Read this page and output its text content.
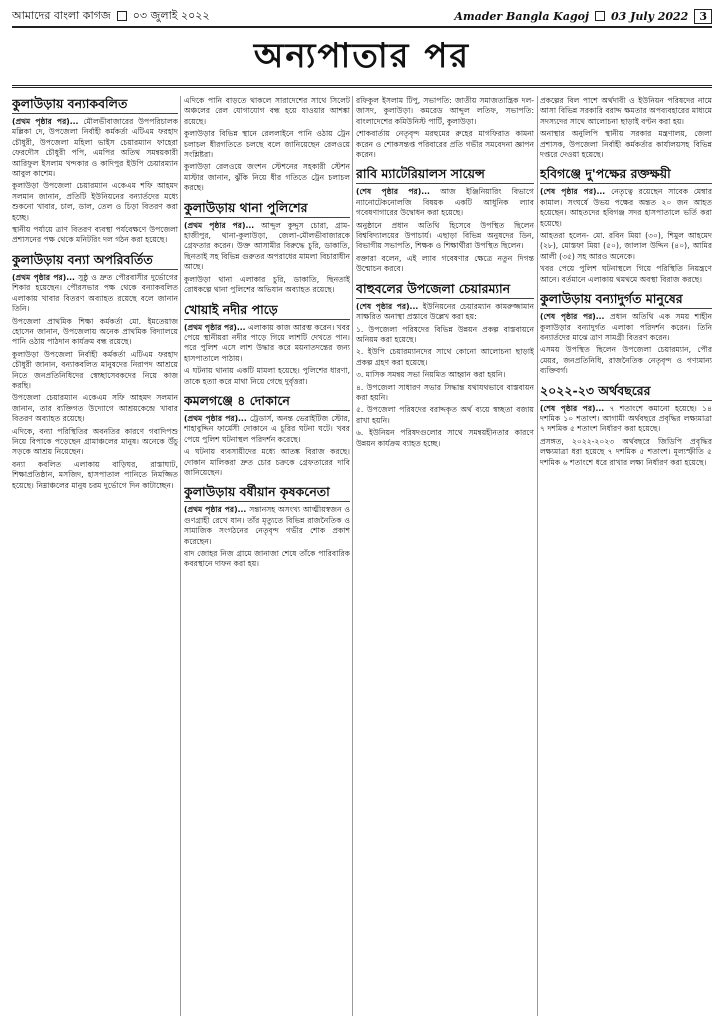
আমাদের বাংলা কাগজ ০৩ জুলাই ২০২২	Amader Bangla Kagoj 03 July 2022	3
অন্যপাতার পর
কুলাউড়ায় বন্যাকবলিত
(প্রথম পৃষ্ঠার পর)... মৌলভীবাজারের উপপরিচালক মল্লিকা দে, উপজেলা নির্বাহী কর্মকর্তা এটিএম ফরহাদ চৌধুরী, উপজেলা মহিলা ভাইস চেয়ারম্যান ফাহেরা ফেরদৌস চৌধুরী পপি, এমপির অতিথ সমন্বয়কারী আরিফুল ইসলাম খন্দকার ও কাদিপুর ইউপি চেয়ারম্যান আবুল কাশেম।
কুলাউড়া উপজেলা চেয়ারম্যান একেএম শফি আহমদ সলমান জানান, প্রতিটি ইউনিয়নের বন্যার্তদের মধ্যে শুকনো খাবার, চাল, ডাল, তেল ও চিড়া বিতরণ করা হচ্ছে।
স্থানীয় পর্যায়ে ত্রাণ বিতরণ ব্যবস্থা পর্যবেক্ষণে উপজেলা প্রশাসনের পক্ষ থেকে মনিটরিং দল গঠন করা হয়েছে।
কুলাউড়ায় বন্যা অপরিবর্তিত
(প্রথম পৃষ্ঠার পর)... সুষ্ঠু ও দ্রুত পৌরবাসীর দুর্ভোগের শিকার হয়েছেন। পৌরসভার পক্ষ থেকে বন্যাকবলিত এলাকায় খাবার বিতরণ অব্যাহত রয়েছে বলে জানান তিনি।
উপজেলা প্রাথমিক শিক্ষা কর্মকর্তা মো. ইমতেয়াজ হোসেন জানান, উপজেলায় অনেক প্রাথমিক বিদ্যালয়ে পানি ওঠায় পাঠদান কার্যক্রম বন্ধ রয়েছে।
কুলাউড়া উপজেলা নির্বাহী কর্মকর্তা এটিএম ফরহাদ চৌধুরী জানান, বন্যাকবলিত মানুষদের নিরাপদ আশ্রয়ে নিতে জনপ্রতিনিধিদের স্বেচ্ছাসেবকদের নিয়ে কাজ করছি।
উপজেলা চেয়ারম্যান একেএম সফি আহমদ সলমান জানান, তার ব্যক্তিগত উদ্যোগে আশ্রয়কেন্দ্রে খাবার বিতরণ অব্যাহত রয়েছে।
এদিকে, বন্যা পরিস্থিতির অবনতির কারণে গবাদিপশু নিয়ে বিপাকে পড়েছেন গ্রামাঞ্চলের মানুষ। অনেকে উঁচু সড়কে আশ্রয় নিয়েছেন।
বন্যা কবলিত এলাকায় বাড়িঘর, রাস্তাঘাট, শিক্ষাপ্রতিষ্ঠান, মসজিদ, হাসপাতাল পানিতে নিমজ্জিত হয়েছে। নিম্নাঞ্চলের মানুষ চরম দুর্ভোগে দিন কাটাচ্ছেন।
এদিকে পানি বাড়তে থাকলে সারাদেশের সাথে সিলেট অঞ্চলের রেল যোগাযোগ বন্ধ হয়ে যাওয়ার আশঙ্কা রয়েছে।
কুলাউড়ার বিভিন্ন স্থানে রেললাইনে পানি ওঠায় ট্রেন চলাচল ধীরগতিতে চলছে বলে জানিয়েছেন রেলওয়ে সংশ্লিষ্টরা।
কুলাউড়া রেলওয়ে জংশন স্টেশনের সহকারী স্টেশন মাস্টার জানান, ঝুঁকি নিয়ে ধীর গতিতে ট্রেন চলাচল করছে।
কুলাউড়ায় থানা পুলিশের
(প্রথম পৃষ্ঠার পর)... আব্দুল কুদ্দুস চোরা, গ্রাম-হাজীপুর, থানা-কুলাউড়া, জেলা-মৌলভীবাজারকে গ্রেফতার করেন। উক্ত আসামীর বিরুদ্ধে চুরি, ডাকাতি, ছিনতাই সহ বিভিন্ন গুরুতর অপরাধের মামলা বিচারাধীন আছে।
কুলাউড়া থানা এলাকার চুরি, ডাকাতি, ছিনতাই রোধকল্পে থানা পুলিশের অভিযান অব্যাহত রয়েছে।
খোয়াই নদীর পাড়ে
(প্রথম পৃষ্ঠার পর)... এলাকায় কাজ আরম্ভ করেন। খবর পেয়ে স্থানীয়রা নদীর পাড়ে গিয়ে লাশটি দেখতে পান। পরে পুলিশ এসে লাশ উদ্ধার করে ময়নাতদন্তের জন্য হাসপাতালে পাঠায়।
এ ঘটনায় থানায় একটি মামলা হয়েছে। পুলিশের ধারণা, তাকে হত্যা করে মাথা নিয়ে গেছে দুর্বৃত্তরা।
কমলগঞ্জে ৪ দোকানে
(প্রথম পৃষ্ঠার পর)... ট্রেডার্স, অনন্ত ভেরাইটিজ স্টোর, শাহাবুদ্দিন ফার্মেসী দোকানে এ চুরির ঘটনা ঘটে। খবর পেয়ে পুলিশ ঘটনাস্থল পরিদর্শন করেছে।
এ ঘটনায় ব্যবসায়ীদের মধ্যে আতঙ্ক বিরাজ করছে। দোকান মালিকরা দ্রুত চোর চক্রকে গ্রেফতারের দাবি জানিয়েছেন।
কুলাউড়ায় বর্ষীয়ান কৃষকনেতা
(প্রথম পৃষ্ঠার পর)... সন্তানসহ অসংখ্য আত্মীয়স্বজন ও গুণগ্রাহী রেখে যান। তাঁর মৃত্যুতে বিভিন্ন রাজনৈতিক ও সামাজিক সংগঠনের নেতৃবৃন্দ গভীর শোক প্রকাশ করেছেন।
বাদ জোহর নিজ গ্রামে জানাজা শেষে তাঁকে পারিবারিক কবরস্থানে দাফন করা হয়।
রফিকুল ইসলাম টিপু, সভাপতি: জাতীয় সমাজতান্ত্রিক দল-জাসদ, কুলাউড়া। কমরেড আব্দুল লতিফ, সভাপতি: বাংলাদেশের কমিউনিস্ট পার্টি, কুলাউড়া।
শোকবার্তায় নেতৃবৃন্দ মরহুমের রুহের মাগফিরাত কামনা করেন ও শোকসন্তপ্ত পরিবারের প্রতি গভীর সমবেদনা জ্ঞাপন করেন।
রাবি ম্যাটেরিয়ালস সায়েন্স
(শেষ পৃষ্ঠার পর)... আজ ইঞ্জিনিয়ারিং বিভাগে ন্যানোটেকনোলজি বিষয়ক একটি আধুনিক ল্যাব গবেষণাগারের উদ্বোধন করা হয়েছে।
অনুষ্ঠানে প্রধান অতিথি হিসেবে উপস্থিত ছিলেন বিশ্ববিদ্যালয়ের উপাচার্য। এছাড়া বিভিন্ন অনুষদের ডিন, বিভাগীয় সভাপতি, শিক্ষক ও শিক্ষার্থীরা উপস্থিত ছিলেন।
বক্তারা বলেন, এই ল্যাব গবেষণার ক্ষেত্রে নতুন দিগন্ত উন্মোচন করবে।
বাহুবলের উপজেলা চেয়ারম্যান
(শেষ পৃষ্ঠার পর)... ইউনিয়নের চেয়ারম্যান কামরুজ্জামান সাক্ষরিত অনাস্থা প্রস্তাবে উল্লেখ করা হয়:
১. উপজেলা পরিষদের বিভিন্ন উন্নয়ন প্রকল্প বাস্তবায়নে অনিয়ম করা হয়েছে।
২. ইউপি চেয়ারম্যানদের সাথে কোনো আলোচনা ছাড়াই প্রকল্প গ্রহণ করা হয়েছে।
৩. মাসিক সমন্বয় সভা নিয়মিত আহ্বান করা হয়নি।
৪. উপজেলা সাধারণ সভার সিদ্ধান্ত যথাযথভাবে বাস্তবায়ন করা হয়নি।
৫. উপজেলা পরিষদের বরাদ্দকৃত অর্থ ব্যয়ে স্বচ্ছতা বজায় রাখা হয়নি।
৬. ইউনিয়ন পরিষদগুলোর সাথে সমন্বয়হীনতার কারণে উন্নয়ন কার্যক্রম ব্যাহত হচ্ছে।
প্রকল্পের বিল পাশে অর্থদাবী ও ইউনিয়ন পরিষদের নামে আসা বিভিন্ন সরকারি বরাদ্দ ক্ষমতার অপব্যবহারের মাধ্যমে সদস্যদের সাথে আলোচনা ছাড়াই বণ্টন করা হয়।
অনাস্থার অনুলিপি স্থানীয় সরকার মন্ত্রণালয়, জেলা প্রশাসক, উপজেলা নির্বাহী কর্মকর্তার কার্যালয়সহ বিভিন্ন দপ্তরে দেওয়া হয়েছে।
হবিগঞ্জে দু'পক্ষের রক্তক্ষয়ী
(শেষ পৃষ্ঠার পর)... নেতৃত্বে রয়েছেন সাবেক মেম্বার কামাল। সংঘর্ষে উভয় পক্ষের অন্তত ২০ জন আহত হয়েছেন। আহতদের হবিগঞ্জ সদর হাসপাতালে ভর্তি করা হয়েছে।
আহতরা হলেন- মো. রবিন মিয়া (৩০), শিমুল আহমেদ (২৮), মোস্তফা মিয়া (৫০), জালাল উদ্দিন (৪০), আমির আলী (৩৫) সহ আরও অনেকে।
খবর পেয়ে পুলিশ ঘটনাস্থলে গিয়ে পরিস্থিতি নিয়ন্ত্রণে আনে। বর্তমানে এলাকায় থমথমে অবস্থা বিরাজ করছে।
কুলাউড়ায় বন্যাদুর্গত মানুষের
(শেষ পৃষ্ঠার পর)... প্রধান অতিথি এক সময় শাহীন কুলাউড়ার বন্যাদুর্গত এলাকা পরিদর্শন করেন। তিনি বন্যার্তদের মাঝে ত্রাণ সামগ্রী বিতরণ করেন।
এসময় উপস্থিত ছিলেন উপজেলা চেয়ারম্যান, পৌর মেয়র, জনপ্রতিনিধি, রাজনৈতিক নেতৃবৃন্দ ও গণ্যমান্য ব্যক্তিবর্গ।
২০২২-২৩ অর্থবছরের
(শেষ পৃষ্ঠার পর)... ৭ শতাংশে কমানো হয়েছে। ১৪ দশমিক ১০ শতাংশ। আগামী অর্থবছরে প্রবৃদ্ধির লক্ষ্যমাত্রা ৭ দশমিক ৫ শতাংশ নির্ধারণ করা হয়েছে।
প্রসঙ্গত, ২০২২-২০২৩ অর্থবছরে জিডিপি প্রবৃদ্ধির লক্ষ্যমাত্রা ধরা হয়েছে ৭ দশমিক ৫ শতাংশ। মূল্যস্ফীতি ৫ দশমিক ৬ শতাংশে ধরে রাখার লক্ষ্য নির্ধারণ করা হয়েছে।
